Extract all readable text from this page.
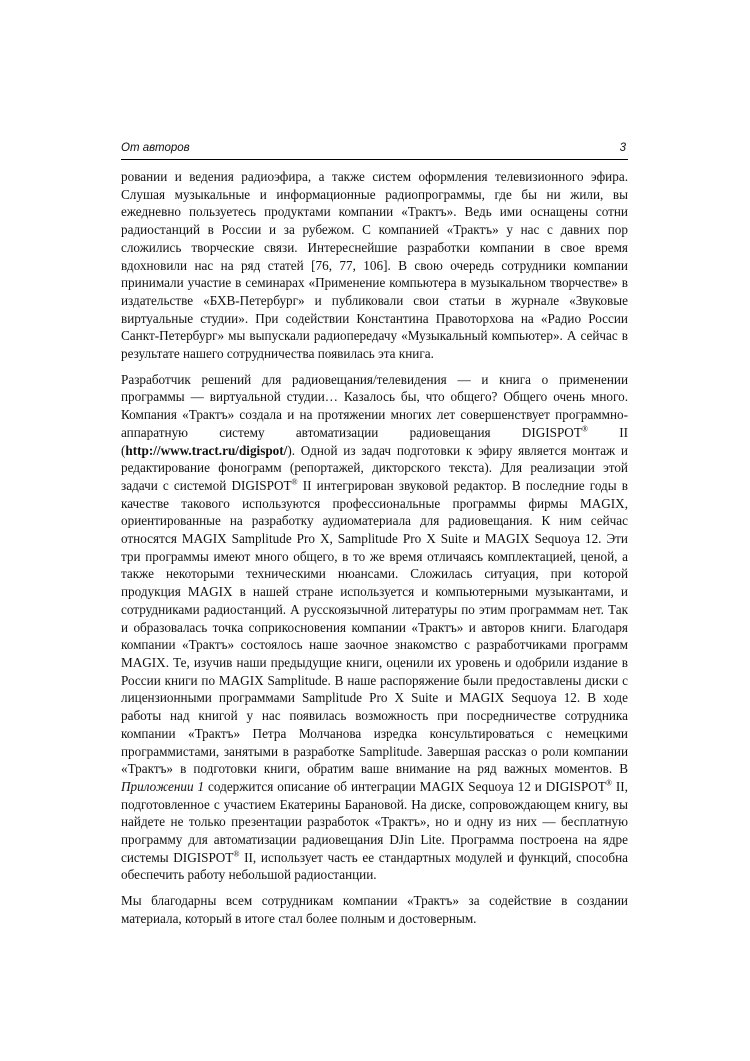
От авторов	3

ровании и ведения радиоэфира, а также систем оформления телевизионного эфира. Слушая музыкальные и информационные радиопрограммы, где бы ни жили, вы ежедневно пользуетесь продуктами компании «Трактъ». Ведь ими оснащены сотни радиостанций в России и за рубежом. С компанией «Трактъ» у нас с давних пор сложились творческие связи. Интереснейшие разработки компании в свое время вдохновили нас на ряд статей [76, 77, 106]. В свою очередь сотрудники компании принимали участие в семинарах «Применение компьютера в музыкальном творчестве» в издательстве «БХВ-Петербург» и публиковали свои статьи в журнале «Звуковые виртуальные студии». При содействии Константина Правоторхова на «Радио России Санкт-Петербург» мы выпускали радиопередачу «Музыкальный компьютер». А сейчас в результате нашего сотрудничества появилась эта книга.

Разработчик решений для радиовещания/телевидения — и книга о применении программы — виртуальной студии… Казалось бы, что общего? Общего очень много. Компания «Трактъ» создала и на протяжении многих лет совершенствует программно-аппаратную систему автоматизации радиовещания DIGISPOT® II (http://www.tract.ru/digispot/). Одной из задач подготовки к эфиру является монтаж и редактирование фонограмм (репортажей, дикторского текста). Для реализации этой задачи с системой DIGISPOT® II интегрирован звуковой редактор. В последние годы в качестве такового используются профессиональные программы фирмы MAGIX, ориентированные на разработку аудиоматериала для радиовещания. К ним сейчас относятся MAGIX Samplitude Pro X, Samplitude Pro X Suite и MAGIX Sequoya 12. Эти три программы имеют много общего, в то же время отличаясь комплектацией, ценой, а также некоторыми техническими нюансами. Сложилась ситуация, при которой продукция MAGIX в нашей стране используется и компьютерными музыкантами, и сотрудниками радиостанций. А русскоязычной литературы по этим программам нет. Так и образовалась точка соприкосновения компании «Трактъ» и авторов книги. Благодаря компании «Трактъ» состоялось наше заочное знакомство с разработчиками программ MAGIX. Те, изучив наши предыдущие книги, оценили их уровень и одобрили издание в России книги по MAGIX Samplitude. В наше распоряжение были предоставлены диски с лицензионными программами Samplitude Pro X Suite и MAGIX Sequoya 12. В ходе работы над книгой у нас появилась возможность при посредничестве сотрудника компании «Трактъ» Петра Молчанова изредка консультироваться с немецкими программистами, занятыми в разработке Samplitude. Завершая рассказ о роли компании «Трактъ» в подготовки книги, обратим ваше внимание на ряд важных моментов. В Приложении 1 содержится описание об интеграции MAGIX Sequoya 12 и DIGISPOT® II, подготовленное с участием Екатерины Барановой. На диске, сопровождающем книгу, вы найдете не только презентации разработок «Трактъ», но и одну из них — бесплатную программу для автоматизации радиовещания DJin Lite. Программа построена на ядре системы DIGISPOT® II, использует часть ее стандартных модулей и функций, способна обеспечить работу небольшой радиостанции.

Мы благодарны всем сотрудникам компании «Трактъ» за содействие в создании материала, который в итоге стал более полным и достоверным.
